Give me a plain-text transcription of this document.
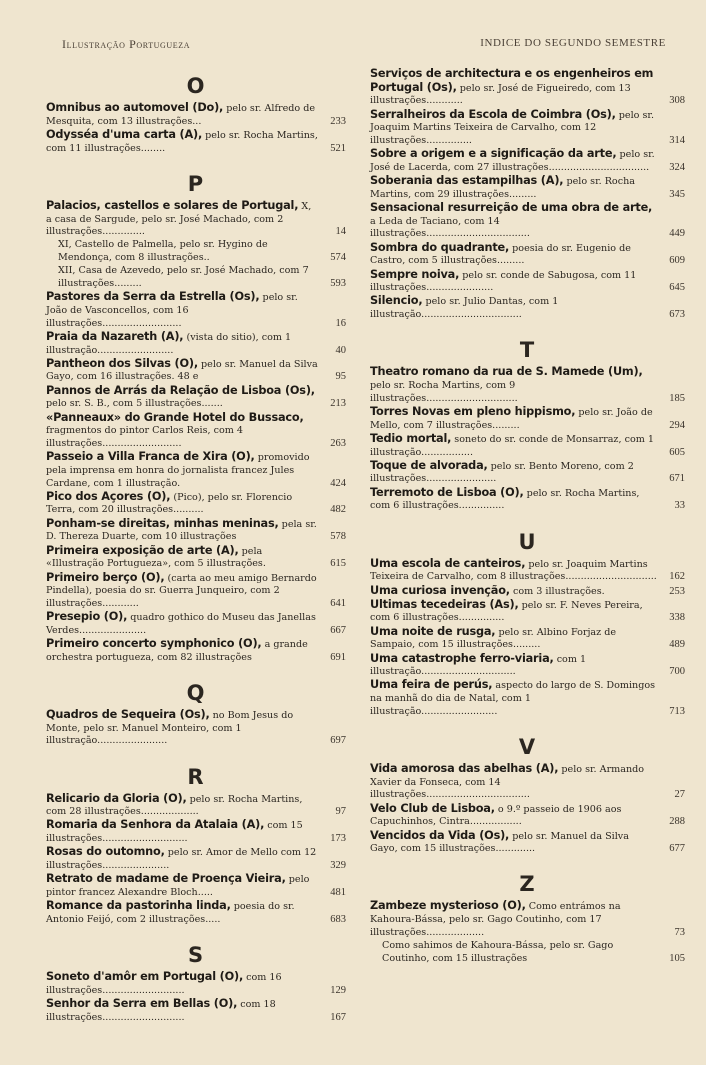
Illustração Portugueza	INDICE DO SEGUNDO SEMESTRE
O
Omnibus ao automovel (Do), pelo sr. Alfredo de Mesquita, com 13 illustrações...	233
Odysséa d'uma carta (A), pelo sr. Rocha Martins, com 11 illustrações........	521
P
Palacios, castellos e solares de Portugal, X, a casa de Sargude, pelo sr. José Machado, com 2 illustrações..............	14
XI, Castello de Palmella, pelo sr. Hygino de Mendonça, com 8 illustrações..	574
XII, Casa de Azevedo, pelo sr. José Machado, com 7 illustrações.........	593
Pastores da Serra da Estrella (Os), pelo sr. João de Vasconcellos, com 16 illustrações..........................	16
Praia da Nazareth (A), (vista do sitio), com 1 illustração.........................	40
Pantheon dos Silvas (O), pelo sr. Manuel da Silva Gayo, com 16 illustrações. 48 e	95
Pannos de Arrás da Relação de Lisboa (Os), pelo sr. S. B., com 5 illustrações.......	213
«Panneaux» do Grande Hotel do Bussaco, fragmentos do pintor Carlos Reis, com 4 illustrações..........................	263
Passeio a Villa Franca de Xira (O), promovido pela imprensa em honra do jornalista francez Jules Cardane, com 1 illustração.	424
Pico dos Açores (O), (Pico), pelo sr. Florencio Terra, com 20 illustrações..........	482
Ponham-se direitas, minhas meninas, pela sr. D. Thereza Duarte, com 10 illustrações	578
Primeira exposição de arte (A), pela «Illustração Portugueza», com 5 illustrações.	615
Primeiro berço (O), (carta ao meu amigo Bernardo Pindella), poesia do sr. Guerra Junqueiro, com 2 illustrações............	641
Presepio (O), quadro gothico do Museu das Janellas Verdes......................	667
Primeiro concerto symphonico (O), a grande orchestra portugueza, com 82 illustrações	691
Q
Quadros de Sequeira (Os), no Bom Jesus do Monte, pelo sr. Manuel Monteiro, com 1 illustração.......................	697
R
Relicario da Gloria (O), pelo sr. Rocha Martins, com 28 illustrações...................	97
Romaria da Senhora da Atalaia (A), com 15 illustrações............................	173
Rosas do outomno, pelo sr. Amor de Mello com 12 illustrações......................	329
Retrato de madame de Proença Vieira, pelo pintor francez Alexandre Bloch.....	481
Romance da pastorinha linda, poesia do sr. Antonio Feijó, com 2 illustrações.....	683
S
Soneto d'amôr em Portugal (O), com 16 illustrações...........................	129
Senhor da Serra em Bellas (O), com 18 illustrações...........................	167
Serviços de architectura e os engenheiros em Portugal (Os), pelo sr. José de Figueiredo, com 13 illustrações............	308
Serralheiros da Escola de Coimbra (Os), pelo sr. Joaquim Martins Teixeira de Carvalho, com 12 illustrações...............	314
Sobre a origem e a significação da arte, pelo sr. José de Lacerda, com 27 illustrações................................. 324
Soberania das estampilhas (A), pelo sr. Rocha Martins, com 29 illustrações.........	345
Sensacional resurreição de uma obra de arte, a Leda de Taciano, com 14 illustrações..................................	449
Sombra do quadrante, poesia do sr. Eugenio de Castro, com 5 illustrações.........	609
Sempre noiva, pelo sr. conde de Sabugosa, com 11 illustrações......................	645
Silencio, pelo sr. Julio Dantas, com 1 illustração.................................	673
T
Theatro romano da rua de S. Mamede (Um), pelo sr. Rocha Martins, com 9 illustrações..............................	185
Torres Novas em pleno hippismo, pelo sr. João de Mello, com 7 illustrações.........	294
Tedio mortal, soneto do sr. conde de Monsarraz, com 1 illustração.................	605
Toque de alvorada, pelo sr. Bento Moreno, com 2 illustrações.......................	671
Terremoto de Lisboa (O), pelo sr. Rocha Martins, com 6 illustrações...............	33
U
Uma escola de canteiros, pelo sr. Joaquim Martins Teixeira de Carvalho, com 8 illustrações.............................. 162
Uma curiosa invenção, com 3 illustrações.	253
Ultimas tecedeiras (As), pelo sr. F. Neves Pereira, com 6 illustrações...............	338
Uma noite de rusga, pelo sr. Albino Forjaz de Sampaio, com 15 illustrações.........	489
Uma catastrophe ferro-viaria, com 1 illustração...............................	700
Uma feira de perús, aspecto do largo de S. Domingos na manhã do dia de Natal, com 1 illustração.........................	713
V
Vida amorosa das abelhas (A), pelo sr. Armando Xavier da Fonseca, com 14 illustrações..................................	27
Velo Club de Lisboa, o 9.º passeio de 1906 aos Capuchinhos, Cintra.................	288
Vencidos da Vida (Os), pelo sr. Manuel da Silva Gayo, com 15 illustrações.............	677
Z
Zambeze mysterioso (O), Como entrámos na Kahoura-Bássa, pelo sr. Gago Coutinho, com 17 illustrações...................	73
Como sahimos de Kahoura-Bássa, pelo sr. Gago Coutinho, com 15 illustrações	105
